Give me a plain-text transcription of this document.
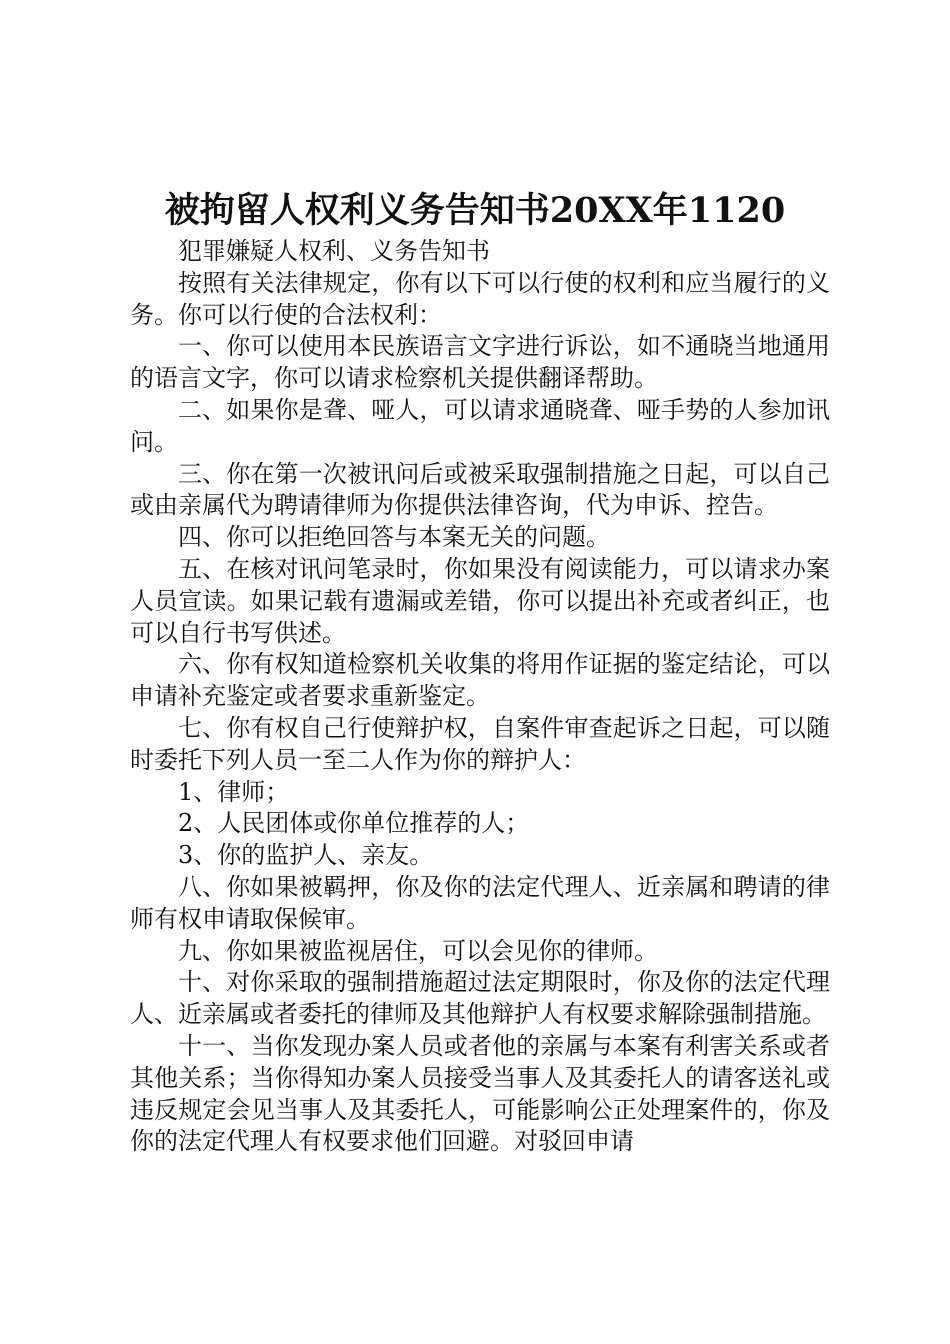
被拘留人权利义务告知书20XX年1120

犯罪嫌疑人权利、义务告知书

按照有关法律规定，你有以下可以行使的权利和应当履行的义务。你可以行使的合法权利：

一、你可以使用本民族语言文字进行诉讼，如不通晓当地通用的语言文字，你可以请求检察机关提供翻译帮助。

二、如果你是聋、哑人，可以请求通晓聋、哑手势的人参加讯问。

三、你在第一次被讯问后或被采取强制措施之日起，可以自己或由亲属代为聘请律师为你提供法律咨询，代为申诉、控告。

四、你可以拒绝回答与本案无关的问题。

五、在核对讯问笔录时，你如果没有阅读能力，可以请求办案人员宣读。如果记载有遗漏或差错，你可以提出补充或者纠正，也可以自行书写供述。

六、你有权知道检察机关收集的将用作证据的鉴定结论，可以申请补充鉴定或者要求重新鉴定。

七、你有权自己行使辩护权，自案件审查起诉之日起，可以随时委托下列人员一至二人作为你的辩护人：

1、律师；

2、人民团体或你单位推荐的人；

3、你的监护人、亲友。

八、你如果被羁押，你及你的法定代理人、近亲属和聘请的律师有权申请取保候审。

九、你如果被监视居住，可以会见你的律师。

十、对你采取的强制措施超过法定期限时，你及你的法定代理人、近亲属或者委托的律师及其他辩护人有权要求解除强制措施。

十一、当你发现办案人员或者他的亲属与本案有利害关系或者其他关系；当你得知办案人员接受当事人及其委托人的请客送礼或违反规定会见当事人及其委托人，可能影响公正处理案件的，你及你的法定代理人有权要求他们回避。对驳回申请
